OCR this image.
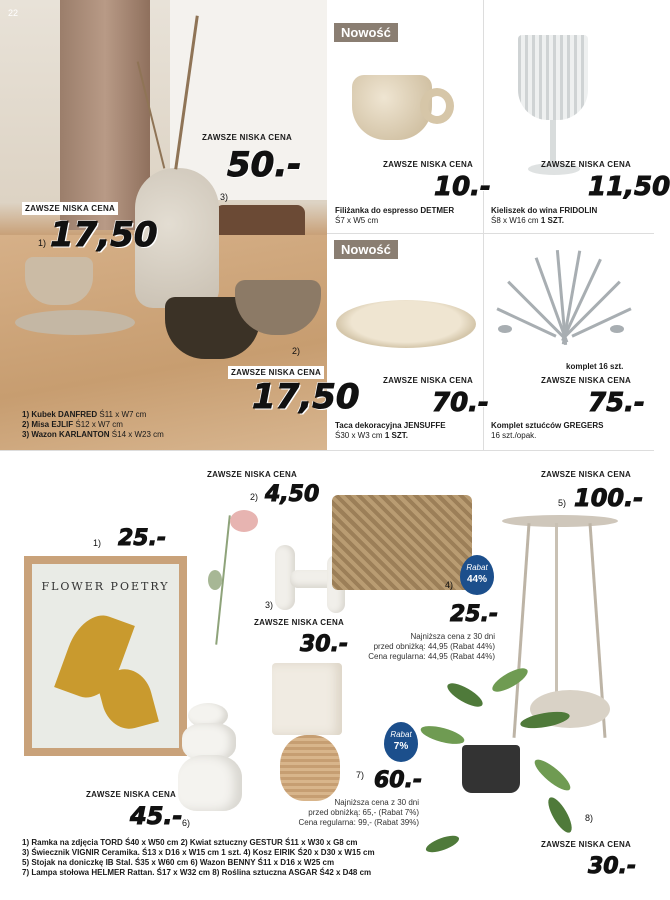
22
ZAWSZE NISKA CENA
50.-
3)
ZAWSZE NISKA CENA
1) 17,50
2)
ZAWSZE NISKA CENA
17,50
1) Kubek DANFRED Ś11 x W7 cm
2) Misa EJLIF Ś12 x W7 cm
3) Wazon KARLANTON Ś14 x W23 cm
Nowość
ZAWSZE NISKA CENA
10.-
Filiżanka do espresso DETMER
Ś7 x W5 cm
ZAWSZE NISKA CENA
11,50
Kieliszek do wina FRIDOLIN
Ś8 x W16 cm 1 SZT.
Nowość
ZAWSZE NISKA CENA
70.-
Taca dekoracyjna JENSUFFE
Ś30 x W3 cm 1 SZT.
komplet 16 szt.
ZAWSZE NISKA CENA
75.-
Komplet sztućców GREGERS
16 szt./opak.
1) 25.-
FLOWER POETRY
ZAWSZE NISKA CENA
2) 4,50
3)
ZAWSZE NISKA CENA
30.-
Rabat
44%
4)
25.-
Najniższa cena z 30 dni
przed obniżką: 44,95 (Rabat 44%)
Cena regularna: 44,95 (Rabat 44%)
ZAWSZE NISKA CENA
5) 100.-
8)
ZAWSZE NISKA CENA
30.-
Rabat
7%
7) 60.-
Najniższa cena z 30 dni
przed obniżką: 65,- (Rabat 7%)
Cena regularna: 99,- (Rabat 39%)
ZAWSZE NISKA CENA
45.- 6)
1) Ramka na zdjęcia TORD Ś40 x W50 cm 2) Kwiat sztuczny GESTUR Ś11 x W30 x G8 cm
3) Świecznik VIGNIR Ceramika. Ś13 x D16 x W15 cm 1 szt. 4) Kosz EIRIK Ś20 x D30 x W15 cm
5) Stojak na doniczkę IB Stal. Ś35 x W60 cm 6) Wazon BENNY Ś11 x D16 x W25 cm
7) Lampa stołowa HELMER Rattan. Ś17 x W32 cm 8) Roślina sztuczna ASGAR Ś42 x D48 cm
